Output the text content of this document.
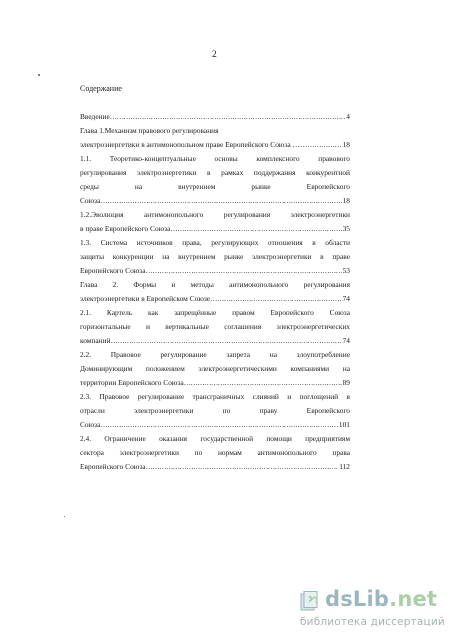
2
Содержание
Введение ……………………………………………………………………………………………………………………………	4
Глава 1.Механизм правового регулирования
электроэнергетики в антимонопольном праве Европейского Союза …… ……………………………………………………………………………………………………………………………	18
1.1. Теоретико-концептуальные основы комплексного правового
регулирования электроэнергетики в рамках поддержания конкурентной
среды на внутреннем рынке Европейского
Союза ……………………………………………………………………………………………………………………………	18
1.2.Эволюция антимонопольного регулирования электроэнергетики
в праве Европейского Союза ……………………………………………………………………………………………………………………………	35
1.3. Система источников права, регулирующих отношения в области
защиты конкуренции на внутреннем рынке электроэнергетики в праве
Европейского Союза ……………………………………………………………………………………………………………………………	53
Глава 2. Формы и методы антимонопольного регулирования
электроэнергетики в Европейском Союзе ……………………………………………………………………………………………………………………………	74
2.1. Картель как запрещённые правом Европейского Союза
горизонтальные и вертикальные соглашения электроэнергетических
компаний ……………………………………………………………………………………………………………………………	74
2.2. Правовое регулирование запрета на злоупотребление
Доминирующим положением электроэнергетическими компаниями на
территории Европейского Союза ……………………………………………………………………………………………………………………………	89
2.3. Правовое регулирование трансграничных слияний и поглощений в
отрасли электроэнергетики по праву Европейского
Союза ……………………………………………………………………………………………………………………………	101
2.4. Ограничение оказания государственной помощи предприятиям
сектора электроэнергетики по нормам антимонопольного права
Европейского Союза ……………………………………………………………………………………………………………………………	112
dsLib.net
библиотека диссертаций
